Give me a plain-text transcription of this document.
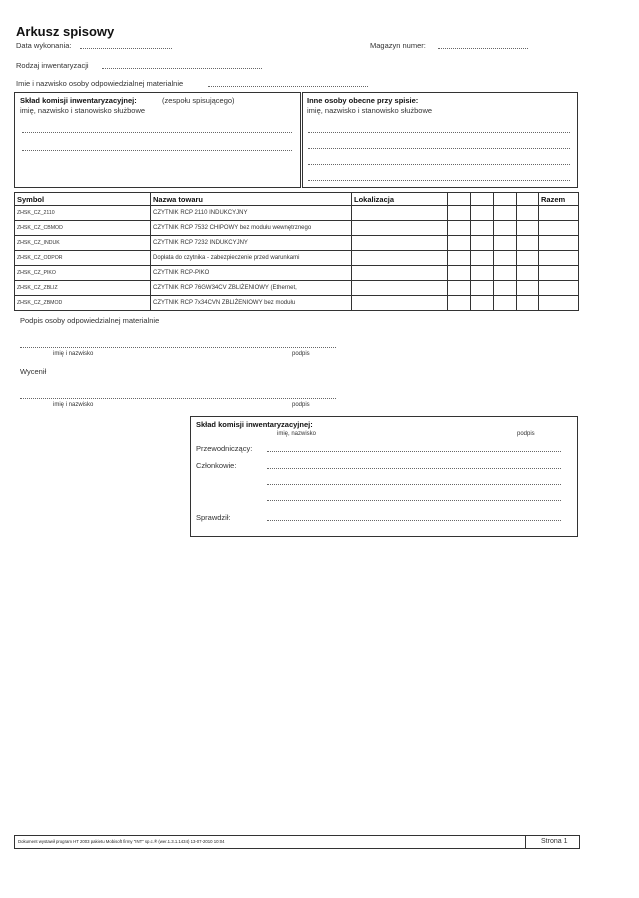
Arkusz spisowy
Data wykonania:	Magazyn numer:
Rodzaj inwentaryzacji
Imie i nazwisko osoby odpowiedzialnej materialnie
Skład komisji inwentaryzacyjnej:	(zespołu spisującego)
imię, nazwisko i stanowisko służbowe
Inne osoby obecne przy spisie:
imię, nazwisko i stanowisko służbowe
Symbol	Nazwa towaru	Lokalizacja					Razem
ZHSK_CZ_2110	CZYTNIK RCP 2110 INDUKCYJNY						
ZHSK_CZ_CBMOD	CZYTNIK RCP 7532 CHIPOWY bez modułu wewnętrznego						
ZHSK_CZ_INDUK	CZYTNIK RCP 7232 INDUKCYJNY						
ZHSK_CZ_ODPOR	Dopłata do czytnika - zabezpieczenie przed warunkami						
ZHSK_CZ_PIKO	CZYTNIK RCP-PIKO						
ZHSK_CZ_ZBLIZ	CZYTNIK RCP 76GW34CV ZBLIŻENIOWY (Ethernet,						
ZHSK_CZ_ZBMOD	CZYTNIK RCP 7x34CVN ZBLIŻENIOWY bez modułu						
Podpis osoby odpowiedzialnej materialnie
imię i nazwisko	podpis
Wycenił
imię i nazwisko	podpis
Skład komisji inwentaryzacyjnej:
imię, nazwisko	podpis
Przewodniczący:
Członkowie:
Sprawdził:
Dokument wystawił program HT 2003 pakietu Mobisoft firmy "INT" sp.c.® (wer.1.3.1.1434) 13-07-2010 10:04	Strona 1
